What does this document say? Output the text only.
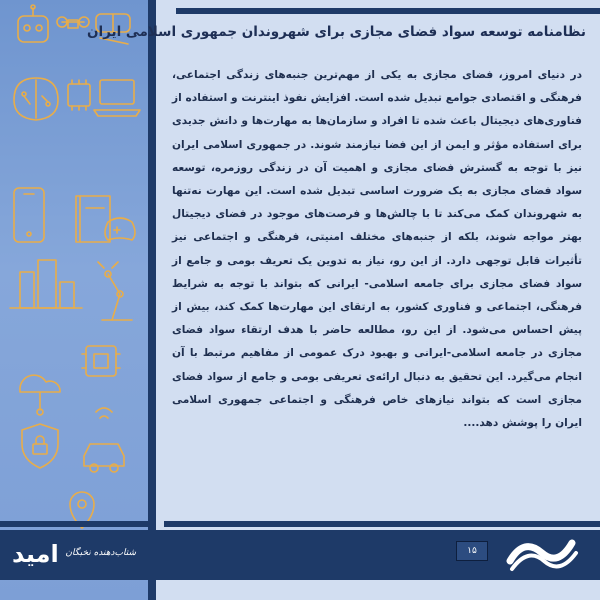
نظامنامه توسعه سواد فضای مجازی برای شهروندان جمهوری اسلامی ایران
در دنیای امروز، فضای مجازی به یکی از مهم‌ترین جنبه‌های زندگی اجتماعی، فرهنگی و اقتصادی جوامع تبدیل شده است. افزایش نفوذ اینترنت و استفاده از فناوری‌های دیجیتال باعث شده تا افراد و سازمان‌ها به مهارت‌ها و دانش جدیدی برای استفاده مؤثر و ایمن از این فضا نیازمند شوند. در جمهوری اسلامی ایران نیز با توجه به گسترش فضای مجازی و اهمیت آن در زندگی روزمره، توسعه سواد فضای مجازی به یک ضرورت اساسی تبدیل شده است. این مهارت نه‌تنها به شهروندان کمک می‌کند تا با چالش‌ها و فرصت‌های موجود در فضای دیجیتال بهتر مواجه شوند، بلکه از جنبه‌های مختلف امنیتی، فرهنگی و اجتماعی نیز تأثیرات قابل توجهی دارد. از این رو، نیاز به تدوین یک تعریف بومی و جامع از سواد فضای مجازی برای جامعه اسلامی- ایرانی که بتواند با توجه به شرایط فرهنگی، اجتماعی و فناوری کشور، به ارتقای این مهارت‌ها کمک کند، بیش از پیش احساس می‌شود. از این رو، مطالعه حاضر با هدف ارتقاء سواد فضای مجازی در جامعه اسلامی-ایرانی و بهبود درک عمومی از مفاهیم مرتبط با آن انجام می‌گیرد. این تحقیق به دنبال ارائه‌ی تعریفی بومی و جامع از سواد فضای مجازی است که بتواند نیازهای خاص فرهنگی و اجتماعی جمهوری اسلامی ایران را پوشش دهد....
امید شتاب‌دهنده نخبگان	۱۵
